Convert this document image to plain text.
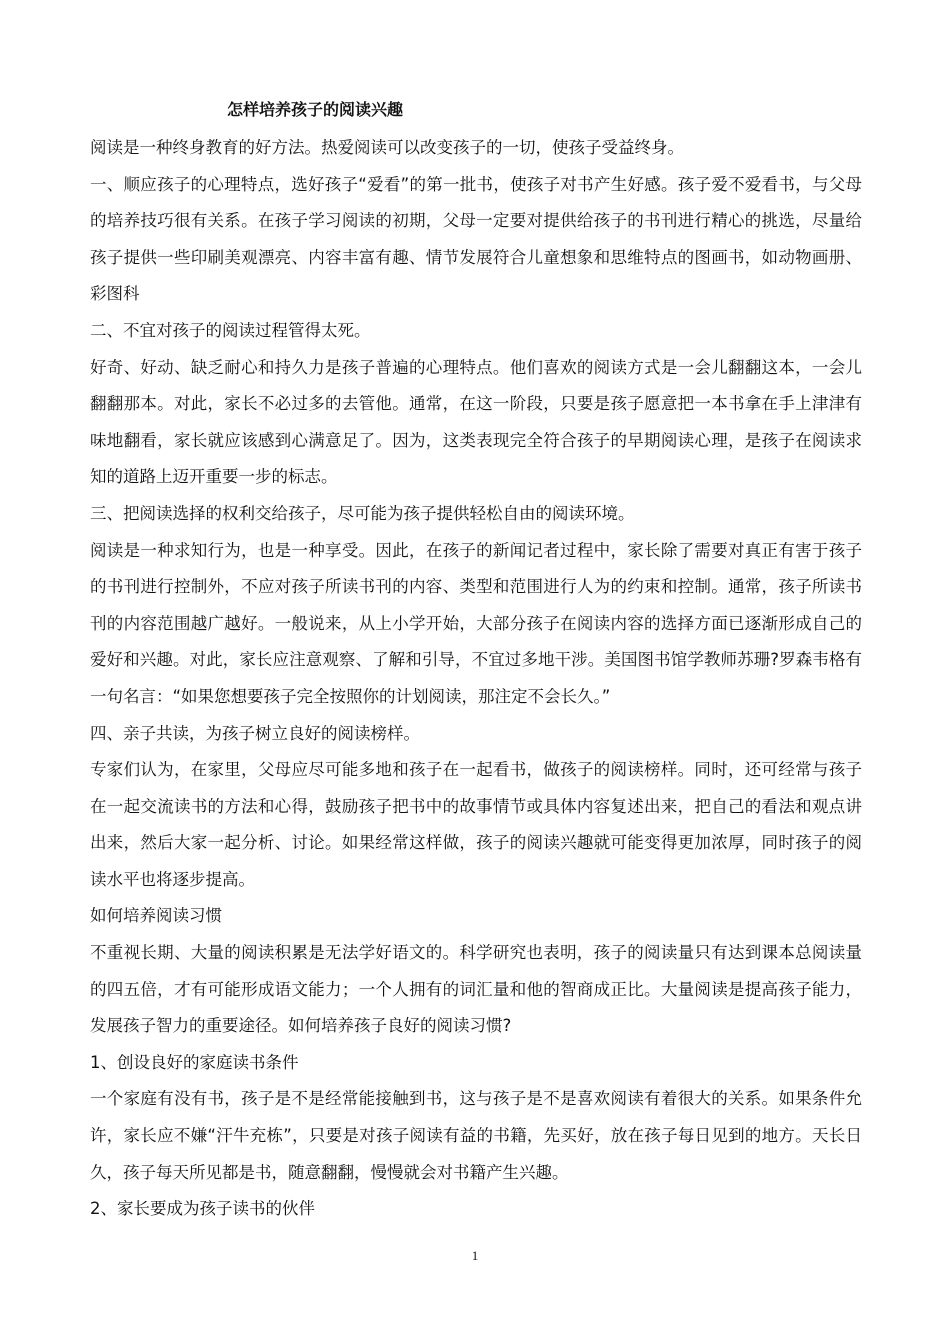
怎样培养孩子的阅读兴趣

阅读是一种终身教育的好方法。热爱阅读可以改变孩子的一切，使孩子受益终身。

一、顺应孩子的心理特点，选好孩子“爱看”的第一批书，使孩子对书产生好感。孩子爱不爱看书，与父母的培养技巧很有关系。在孩子学习阅读的初期，父母一定要对提供给孩子的书刊进行精心的挑选，尽量给孩子提供一些印刷美观漂亮、内容丰富有趣、情节发展符合儿童想象和思维特点的图画书，如动物画册、彩图科

二、不宜对孩子的阅读过程管得太死。

好奇、好动、缺乏耐心和持久力是孩子普遍的心理特点。他们喜欢的阅读方式是一会儿翻翻这本，一会儿翻翻那本。对此，家长不必过多的去管他。通常，在这一阶段，只要是孩子愿意把一本书拿在手上津津有味地翻看，家长就应该感到心满意足了。因为，这类表现完全符合孩子的早期阅读心理，是孩子在阅读求知的道路上迈开重要一步的标志。

三、把阅读选择的权利交给孩子，尽可能为孩子提供轻松自由的阅读环境。

阅读是一种求知行为，也是一种享受。因此，在孩子的新闻记者过程中，家长除了需要对真正有害于孩子的书刊进行控制外，不应对孩子所读书刊的内容、类型和范围进行人为的约束和控制。通常，孩子所读书刊的内容范围越广越好。一般说来，从上小学开始，大部分孩子在阅读内容的选择方面已逐渐形成自己的爱好和兴趣。对此，家长应注意观察、了解和引导，不宜过多地干涉。美国图书馆学教师苏珊?罗森韦格有一句名言：“如果您想要孩子完全按照你的计划阅读，那注定不会长久。”

四、亲子共读，为孩子树立良好的阅读榜样。

专家们认为，在家里，父母应尽可能多地和孩子在一起看书，做孩子的阅读榜样。同时，还可经常与孩子在一起交流读书的方法和心得，鼓励孩子把书中的故事情节或具体内容复述出来，把自己的看法和观点讲出来，然后大家一起分析、讨论。如果经常这样做，孩子的阅读兴趣就可能变得更加浓厚，同时孩子的阅读水平也将逐步提高。

如何培养阅读习惯

不重视长期、大量的阅读积累是无法学好语文的。科学研究也表明，孩子的阅读量只有达到课本总阅读量的四五倍，才有可能形成语文能力；一个人拥有的词汇量和他的智商成正比。大量阅读是提高孩子能力，发展孩子智力的重要途径。如何培养孩子良好的阅读习惯?

1、创设良好的家庭读书条件

一个家庭有没有书，孩子是不是经常能接触到书，这与孩子是不是喜欢阅读有着很大的关系。如果条件允许，家长应不嫌“汗牛充栋”，只要是对孩子阅读有益的书籍，先买好，放在孩子每日见到的地方。天长日久，孩子每天所见都是书，随意翻翻，慢慢就会对书籍产生兴趣。

2、家长要成为孩子读书的伙伴

1
